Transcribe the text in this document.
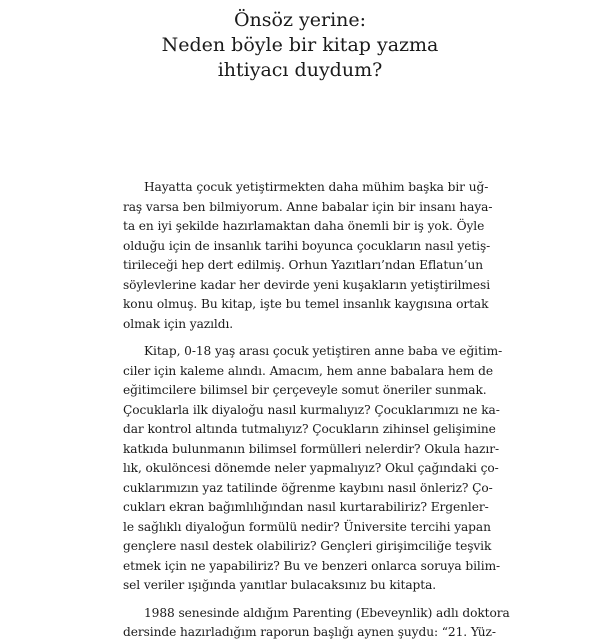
Önsöz yerine:
Neden böyle bir kitap yazma
ihtiyacı duydum?
Hayatta çocuk yetiştirmekten daha mühim başka bir uğ-
raş varsa ben bilmiyorum. Anne babalar için bir insanı haya-
ta en iyi şekilde hazırlamaktan daha önemli bir iş yok. Öyle
olduğu için de insanlık tarihi boyunca çocukların nasıl yetiş-
tirileceği hep dert edilmiş. Orhun Yazıtları’ndan Eflatun’un
söylevlerine kadar her devirde yeni kuşakların yetiştirilmesi
konu olmuş. Bu kitap, işte bu temel insanlık kaygısına ortak
olmak için yazıldı.
Kitap, 0-18 yaş arası çocuk yetiştiren anne baba ve eğitim-
ciler için kaleme alındı. Amacım, hem anne babalara hem de
eğitimcilere bilimsel bir çerçeveyle somut öneriler sunmak.
Çocuklarla ilk diyaloğu nasıl kurmalıyız? Çocuklarımızı ne ka-
dar kontrol altında tutmalıyız? Çocukların zihinsel gelişimine
katkıda bulunmanın bilimsel formülleri nelerdir? Okula hazır-
lık, okulöncesi dönemde neler yapmalıyız? Okul çağındaki ço-
cuklarımızın yaz tatilinde öğrenme kaybını nasıl önleriz? Ço-
cukları ekran bağımlılığından nasıl kurtarabiliriz? Ergenler-
le sağlıklı diyaloğun formülü nedir? Üniversite tercihi yapan
gençlere nasıl destek olabiliriz? Gençleri girişimciliğe teşvik
etmek için ne yapabiliriz? Bu ve benzeri onlarca soruya bilim-
sel veriler ışığında yanıtlar bulacaksınız bu kitapta.
1988 senesinde aldığım Parenting (Ebeveynlik) adlı doktora
dersinde hazırladığım raporun başlığı aynen şuydu: “21. Yüz-
